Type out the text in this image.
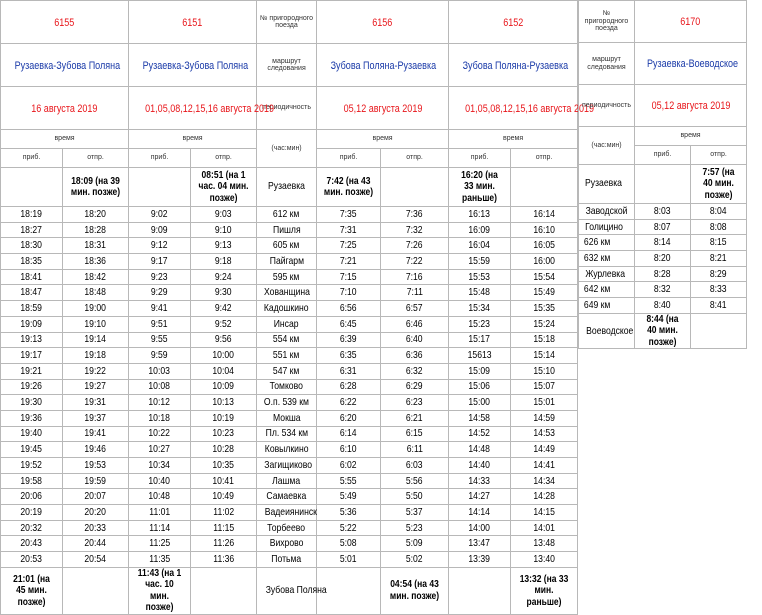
6155		6151		№ пригородного поезда	6156		6152	
Рузаевка-Зубова Поляна		Рузаевка-Зубова Поляна		маршрут следования	Зубова Поляна-Рузаевка		Зубова Поляна-Рузаевка	
16 августа 2019		01,05,08,12,15,16 августа 2019		периодичность	05,12 августа 2019		01,05,08,12,15,16 августа 2019	
время		время		(час:мин)	время		время	
приб.	отпр.	приб.	отпр.		приб.	отпр.	приб.	отпр.
	18:09 (на 39 мин. позже)		08:51 (на 1 час. 04 мин. позже)	Рузаевка	7:42 (на 43 мин. позже)		16:20 (на 33 мин. раньше)	
18:19	18:20	9:02	9:03	612 км	7:35	7:36	16:13	16:14
18:27	18:28	9:09	9:10	Пишля	7:31	7:32	16:09	16:10
18:30	18:31	9:12	9:13	605 км	7:25	7:26	16:04	16:05
18:35	18:36	9:17	9:18	Пайгарм	7:21	7:22	15:59	16:00
18:41	18:42	9:23	9:24	595 км	7:15	7:16	15:53	15:54
18:47	18:48	9:29	9:30	Хованщина	7:10	7:11	15:48	15:49
18:59	19:00	9:41	9:42	Кадошкино	6:56	6:57	15:34	15:35
19:09	19:10	9:51	9:52	Инсар	6:45	6:46	15:23	15:24
19:13	19:14	9:55	9:56	554 км	6:39	6:40	15:17	15:18
19:17	19:18	9:59	10:00	551 км	6:35	6:36	15613	15:14
19:21	19:22	10:03	10:04	547 км	6:31	6:32	15:09	15:10
19:26	19:27	10:08	10:09	Томково	6:28	6:29	15:06	15:07
19:30	19:31	10:12	10:13	О.п. 539 км	6:22	6:23	15:00	15:01
19:36	19:37	10:18	10:19	Мокша	6:20	6:21	14:58	14:59
19:40	19:41	10:22	10:23	Пл. 534 км	6:14	6:15	14:52	14:53
19:45	19:46	10:27	10:28	Ковылкино	6:10	6:11	14:48	14:49
19:52	19:53	10:34	10:35	Загищиково	6:02	6:03	14:40	14:41
19:58	19:59	10:40	10:41	Лашма	5:55	5:56	14:33	14:34
20:06	20:07	10:48	10:49	Самаевка	5:49	5:50	14:27	14:28
20:19	20:20	11:01	11:02	Вадеиянинск	5:36	5:37	14:14	14:15
20:32	20:33	11:14	11:15	Торбеево	5:22	5:23	14:00	14:01
20:43	20:44	11:25	11:26	Вихрово	5:08	5:09	13:47	13:48
20:53	20:54	11:35	11:36	Потьма	5:01	5:02	13:39	13:40
21:01 (на 45 мин. позже)		11:43 (на 1 час. 10 мин. позже)		Зубова Поляна		04:54 (на 43 мин. позже)		13:32 (на 33 мин. раньше)
№ пригородного поезда	6170	
маршрут следования	Рузаевка-Воеводское	
периодичность	05,12 августа 2019	
(час:мин)	время	
	приб.	отпр.
Рузаевка		7:57 (на 40 мин. позже)
Заводской	8:03	8:04
Голицино	8:07	8:08
626 км	8:14	8:15
632 км	8:20	8:21
Журлевка	8:28	8:29
642 км	8:32	8:33
649 км	8:40	8:41
Воеводское	8:44 (на 40 мин. позже)	
